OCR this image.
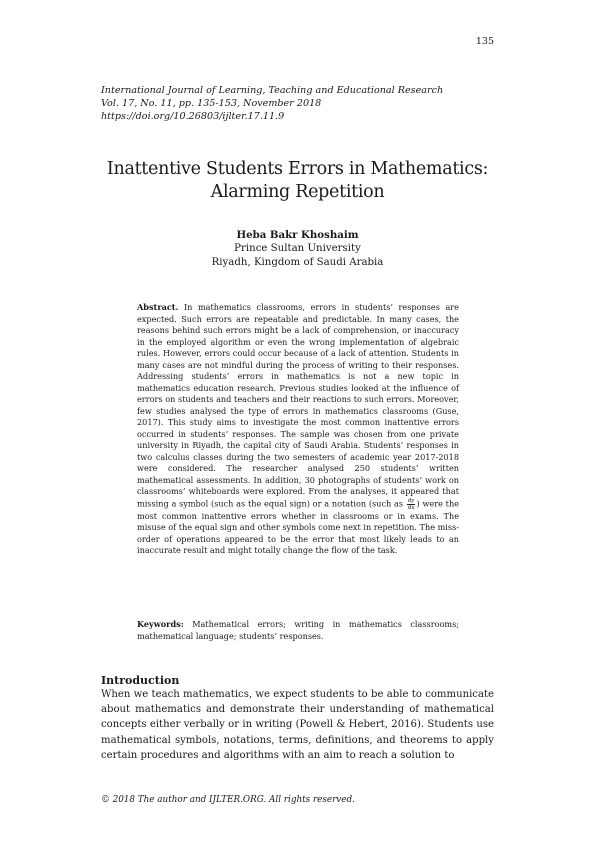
135
International Journal of Learning, Teaching and Educational Research
Vol. 17, No. 11, pp. 135-153, November 2018
https://doi.org/10.26803/ijlter.17.11.9
Inattentive Students Errors in Mathematics:
Alarming Repetition
Heba Bakr Khoshaim
Prince Sultan University
Riyadh, Kingdom of Saudi Arabia
Abstract. In mathematics classrooms, errors in students’ responses are expected. Such errors are repeatable and predictable. In many cases, the reasons behind such errors might be a lack of comprehension, or inaccuracy in the employed algorithm or even the wrong implementation of algebraic rules. However, errors could occur because of a lack of attention. Students in many cases are not mindful during the process of writing to their responses. Addressing students’ errors in mathematics is not a new topic in mathematics education research. Previous studies looked at the influence of errors on students and teachers and their reactions to such errors. Moreover, few studies analysed the type of errors in mathematics classrooms (Guse, 2017). This study aims to investigate the most common inattentive errors occurred in students’ responses. The sample was chosen from one private university in Riyadh, the capital city of Saudi Arabia. Students’ responses in two calculus classes during the two semesters of academic year 2017-2018 were considered. The researcher analysed 250 students’ written mathematical assessments. In addition, 30 photographs of students’ work on classrooms’ whiteboards were explored. From the analyses, it appeared that missing a symbol (such as the equal sign) or a notation (such as $\frac{dy}{dx}$ ) were the most common inattentive errors whether in classrooms or in exams. The misuse of the equal sign and other symbols come next in repetition. The miss-order of operations appeared to be the error that most likely leads to an inaccurate result and might totally change the flow of the task.
Keywords: Mathematical errors; writing in mathematics classrooms; mathematical language; students’ responses.
Introduction
When we teach mathematics, we expect students to be able to communicate about mathematics and demonstrate their understanding of mathematical concepts either verbally or in writing (Powell & Hebert, 2016). Students use mathematical symbols, notations, terms, definitions, and theorems to apply certain procedures and algorithms with an aim to reach a solution to
© 2018 The author and IJLTER.ORG. All rights reserved.
